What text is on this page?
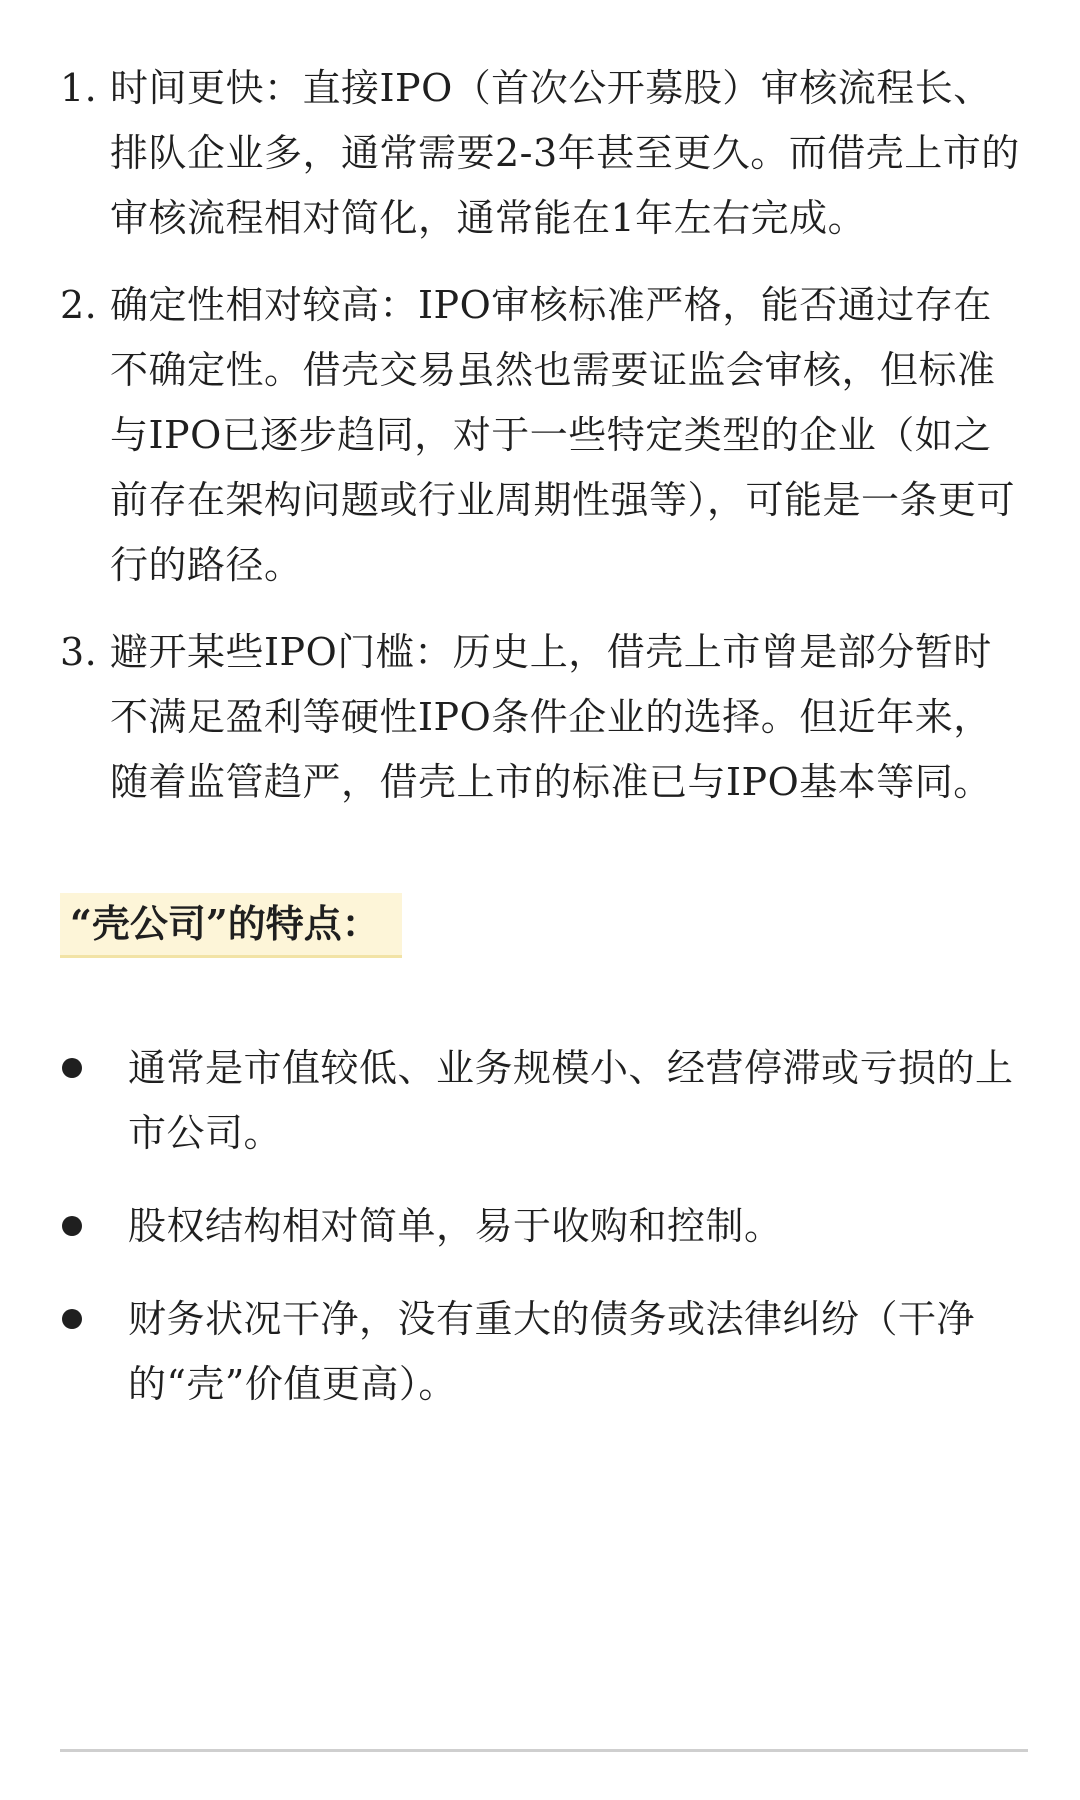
1. 时间更快：直接IPO（首次公开募股）审核流程长、排队企业多，通常需要2-3年甚至更久。而借壳上市的审核流程相对简化，通常能在1年左右完成。
2. 确定性相对较高：IPO审核标准严格，能否通过存在不确定性。借壳交易虽然也需要证监会审核，但标准与IPO已逐步趋同，对于一些特定类型的企业（如之前存在架构问题或行业周期性强等），可能是一条更可行的路径。
3. 避开某些IPO门槛：历史上，借壳上市曾是部分暂时不满足盈利等硬性IPO条件企业的选择。但近年来，随着监管趋严，借壳上市的标准已与IPO基本等同。
“壳公司”的特点：
通常是市值较低、业务规模小、经营停滞或亏损的上市公司。
股权结构相对简单，易于收购和控制。
财务状况干净，没有重大的债务或法律纠纷（干净的“壳”价值更高）。
